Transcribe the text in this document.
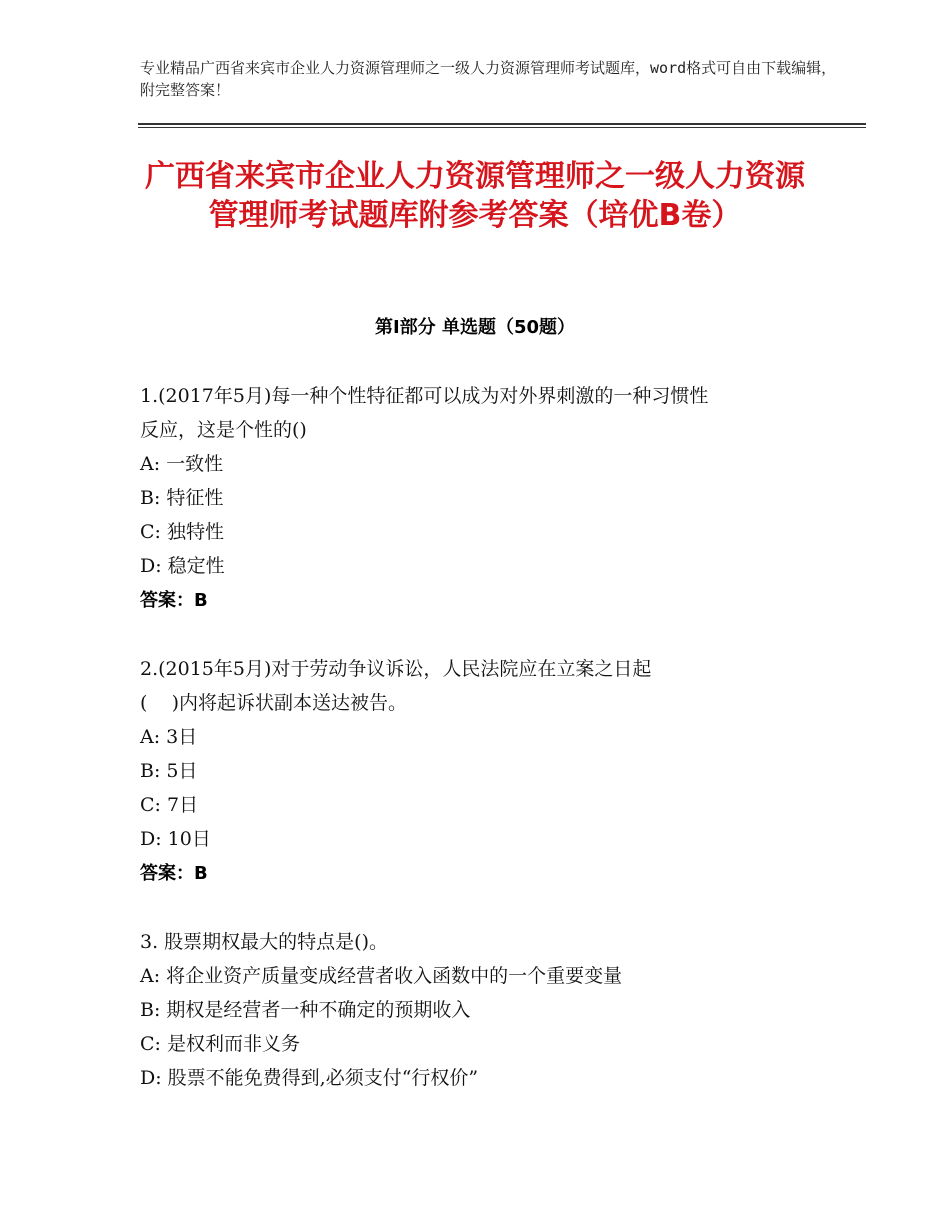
专业精品广西省来宾市企业人力资源管理师之一级人力资源管理师考试题库，word格式可自由下载编辑，附完整答案！
广西省来宾市企业人力资源管理师之一级人力资源管理师考试题库附参考答案（培优B卷）
第Ⅰ部分 单选题（50题）
1.(2017年5月)每一种个性特征都可以成为对外界刺激的一种习惯性
反应，这是个性的()
A: 一致性
B: 特征性
C: 独特性
D: 稳定性
答案：B
2.(2015年5月)对于劳动争议诉讼，人民法院应在立案之日起
(    )内将起诉状副本送达被告。
A: 3日
B: 5日
C: 7日
D: 10日
答案：B
3. 股票期权最大的特点是()。
A: 将企业资产质量变成经营者收入函数中的一个重要变量
B: 期权是经营者一种不确定的预期收入
C: 是权利而非义务
D: 股票不能免费得到,必须支付“行权价”
